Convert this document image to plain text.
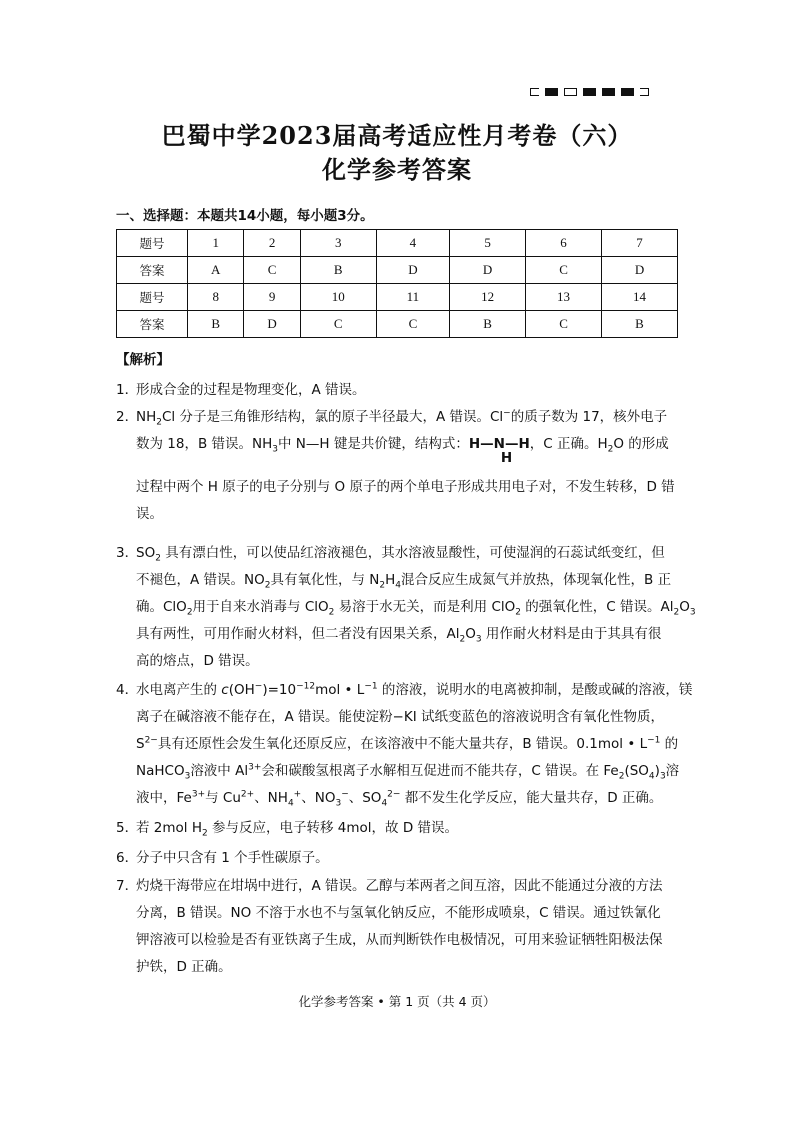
巴蜀中学2023届高考适应性月考卷（六）
化学参考答案
一、选择题：本题共14小题，每小题3分。
题号	1	2	3	4	5	6	7
答案	A	C	B	D	D	C	D
题号	8	9	10	11	12	13	14
答案	B	D	C	C	B	C	B
【解析】
1．
形成合金的过程是物理变化，A 错误。
2．
$NH_2Cl$ 分子是三角锥形结构，氯的原子半径最大，A 错误。Cl−的质子数为 17，核外电子
数为 18，B 错误。$NH_3$中 N—H 键是共价键，结构式：H—N—H
H
，C 正确。$H_2O$ 的形成
过程中两个 H 原子的电子分别与 O 原子的两个单电子形成共用电子对，不发生转移，D 错
误。
3．
$SO_2$ 具有漂白性，可以使品红溶液褪色，其水溶液显酸性，可使湿润的石蕊试纸变红，但
不褪色，A 错误。$NO_2$具有氧化性，与 $N_2H_4$混合反应生成氮气并放热，体现氧化性，B 正
确。ClO$_2$用于自来水消毒与 ClO$_2$ 易溶于水无关，而是利用 ClO$_2$ 的强氧化性，C 错误。$Al_2O_3$
具有两性，可用作耐火材料，但二者没有因果关系，$Al_2O_3$ 用作耐火材料是由于其具有很
高的熔点，D 错误。
4．
水电离产生的 $c(OH^-)=10^{-12}mol$ • $L^{-1}$ 的溶液，说明水的电离被抑制，是酸或碱的溶液，镁
离子在碱溶液不能存在，A 错误。能使淀粉−KI 试纸变蓝色的溶液说明含有氧化性物质，
$S^{2-}$具有还原性会发生氧化还原反应，在该溶液中不能大量共存，B 错误。0.1mol • $L^{-1}$ 的
NaHCO$_3$溶液中 $Al^{3+}$会和碳酸氢根离子水解相互促进而不能共存，C 错误。在 $Fe_2(SO_4)_3$溶
液中，$Fe^{3+}$与 $Cu^{2+}$、$NH_4^+$、$NO_3^-$、$SO_4^{2-}$ 都不发生化学反应，能大量共存，D 正确。
5．
若 2mol $H_2$ 参与反应，电子转移 4mol，故 D 错误。
6．
分子中只含有 1 个手性碳原子。
7．
灼烧干海带应在坩埚中进行，A 错误。乙醇与苯两者之间互溶，因此不能通过分液的方法
分离，B 错误。NO 不溶于水也不与氢氧化钠反应，不能形成喷泉，C 错误。通过铁氰化
钾溶液可以检验是否有亚铁离子生成，从而判断铁作电极情况，可用来验证牺牲阳极法保
护铁，D 正确。
化学参考答案 • 第 1 页（共 4 页）
